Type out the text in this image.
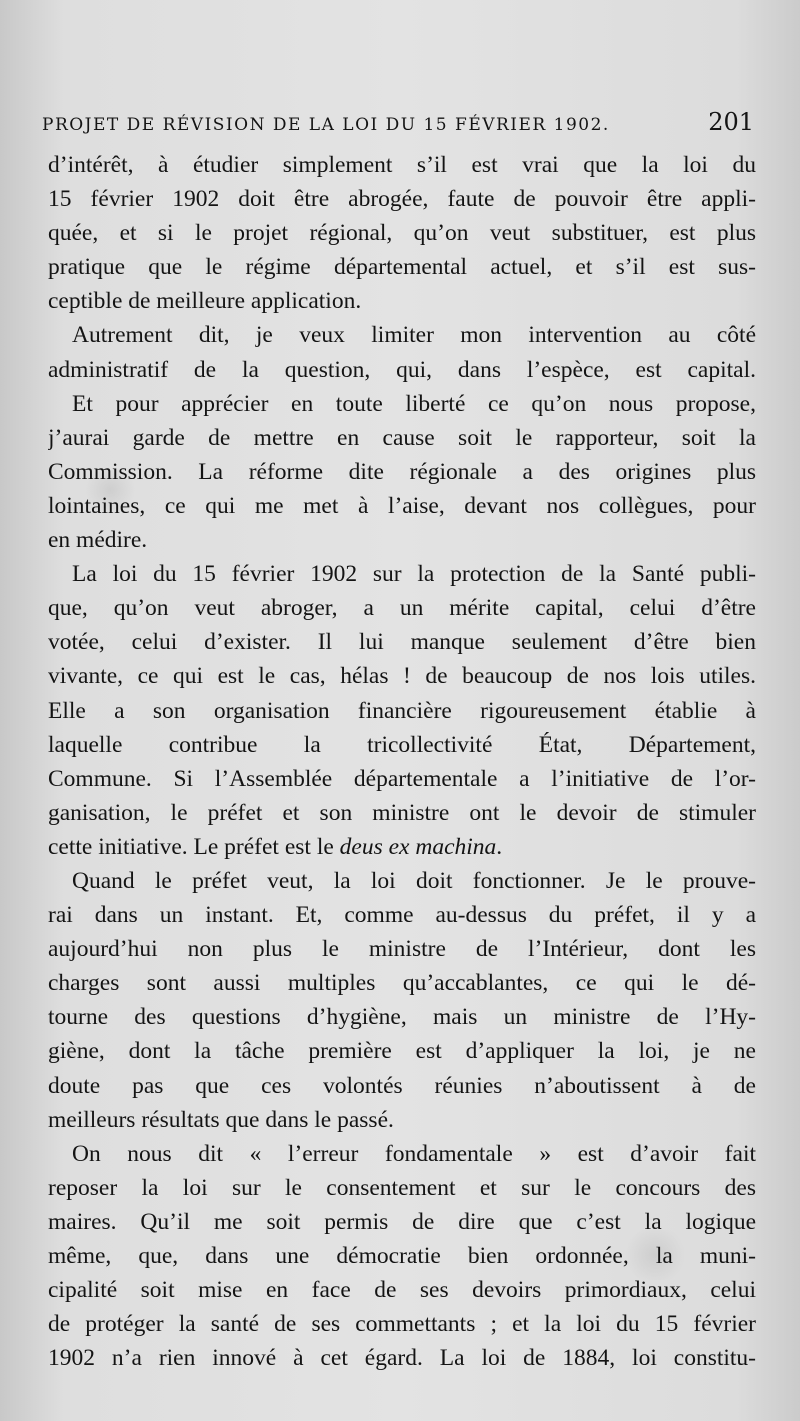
PROJET DE RÉVISION DE LA LOI DU 15 FÉVRIER 1902.	201
d’intérêt, à étudier simplement s’il est vrai que la loi du
15 février 1902 doit être abrogée, faute de pouvoir être appli-
quée, et si le projet régional, qu’on veut substituer, est plus
pratique que le régime départemental actuel, et s’il est sus-
ceptible de meilleure application.
Autrement dit, je veux limiter mon intervention au côté
administratif de la question, qui, dans l’espèce, est capital.
Et pour apprécier en toute liberté ce qu’on nous propose,
j’aurai garde de mettre en cause soit le rapporteur, soit la
Commission. La réforme dite régionale a des origines plus
lointaines, ce qui me met à l’aise, devant nos collègues, pour
en médire.
La loi du 15 février 1902 sur la protection de la Santé publi-
que, qu’on veut abroger, a un mérite capital, celui d’être
votée, celui d’exister. Il lui manque seulement d’être bien
vivante, ce qui est le cas, hélas ! de beaucoup de nos lois utiles.
Elle a son organisation financière rigoureusement établie à
laquelle contribue la tricollectivité État, Département,
Commune. Si l’Assemblée départementale a l’initiative de l’or-
ganisation, le préfet et son ministre ont le devoir de stimuler
cette initiative. Le préfet est le deus ex machina.
Quand le préfet veut, la loi doit fonctionner. Je le prouve-
rai dans un instant. Et, comme au-dessus du préfet, il y a
aujourd’hui non plus le ministre de l’Intérieur, dont les
charges sont aussi multiples qu’accablantes, ce qui le dé-
tourne des questions d’hygiène, mais un ministre de l’Hy-
giène, dont la tâche première est d’appliquer la loi, je ne
doute pas que ces volontés réunies n’aboutissent à de
meilleurs résultats que dans le passé.
On nous dit « l’erreur fondamentale » est d’avoir fait
reposer la loi sur le consentement et sur le concours des
maires. Qu’il me soit permis de dire que c’est la logique
même, que, dans une démocratie bien ordonnée, la muni-
cipalité soit mise en face de ses devoirs primordiaux, celui
de protéger la santé de ses commettants ; et la loi du 15 février
1902 n’a rien innové à cet égard. La loi de 1884, loi constitu-
